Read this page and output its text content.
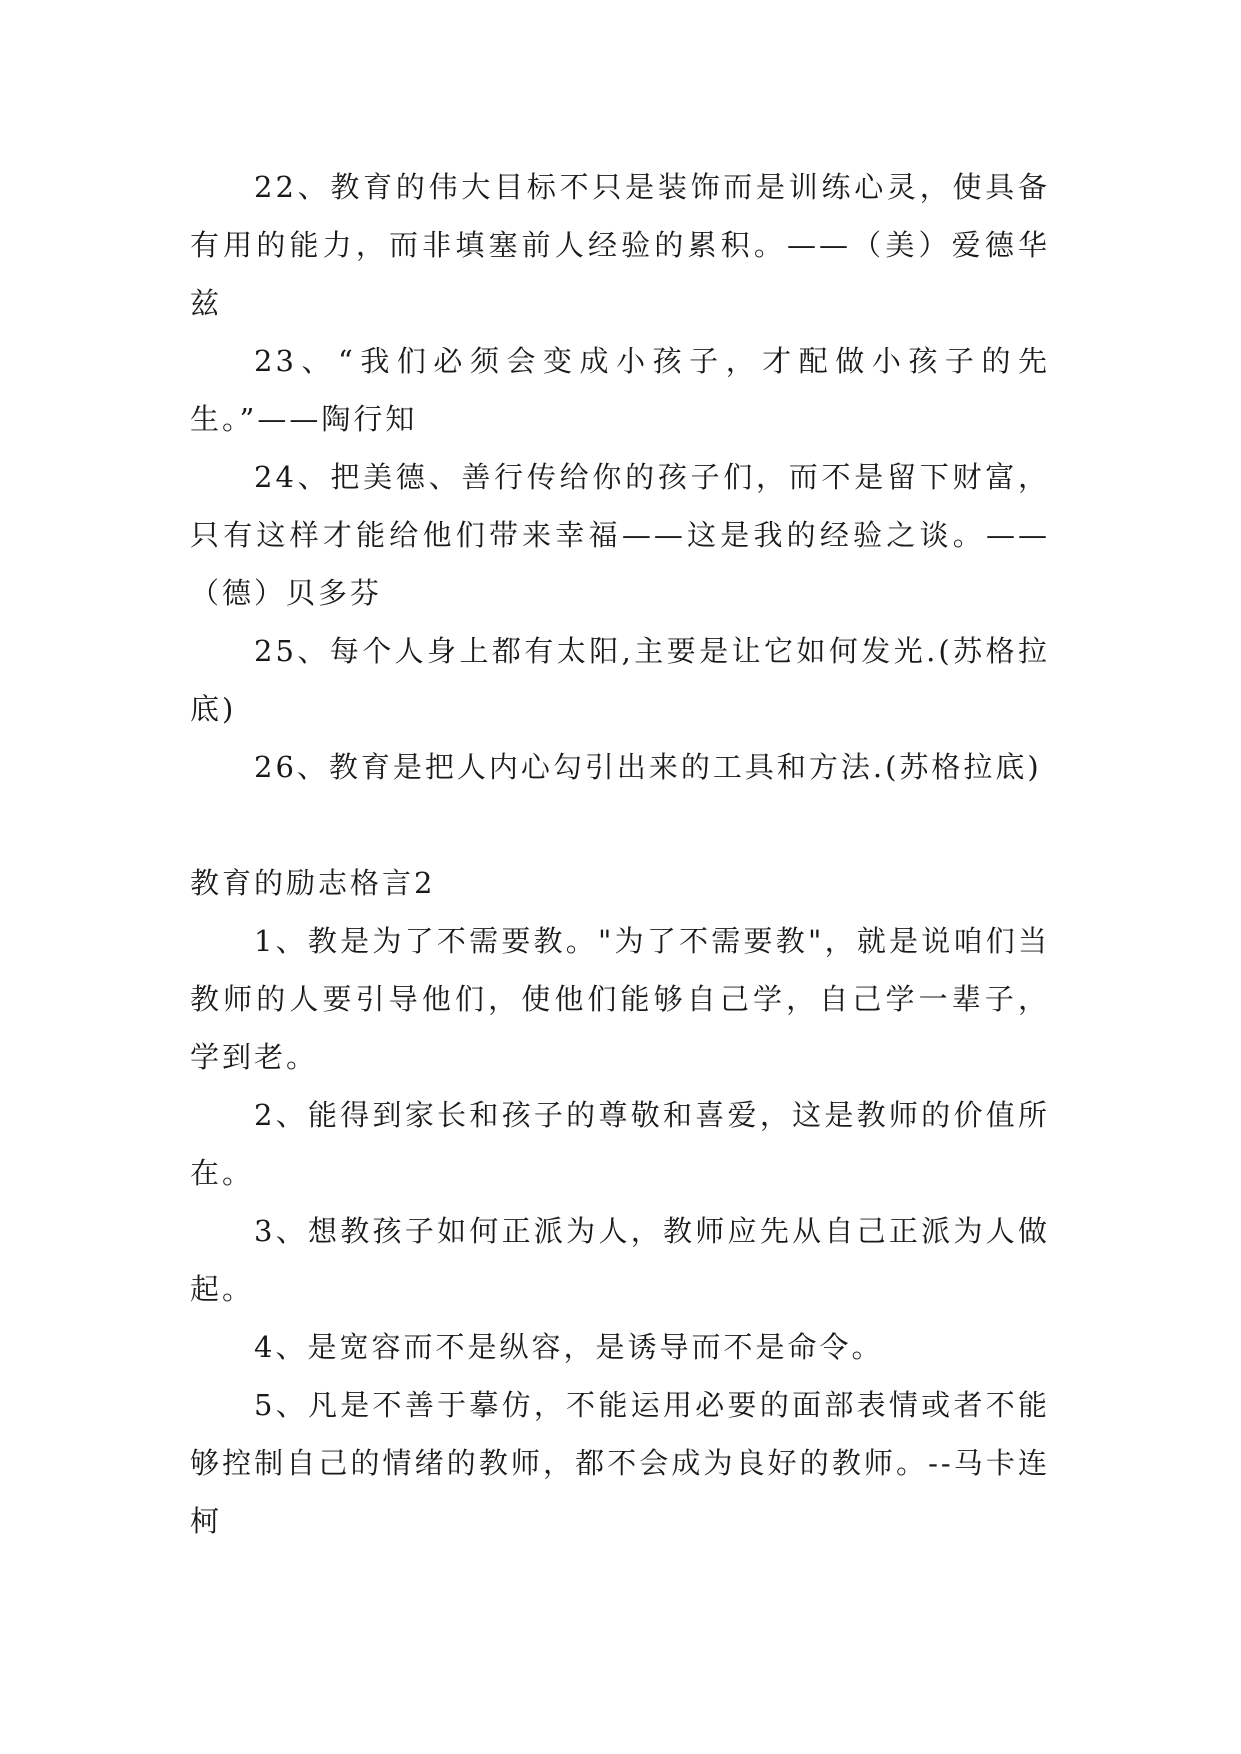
22、教育的伟大目标不只是装饰而是训练心灵，使具备有用的能力，而非填塞前人经验的累积。——（美）爱德华兹

23、“我们必须会变成小孩子，才配做小孩子的先生。”——陶行知

24、把美德、善行传给你的孩子们，而不是留下财富，只有这样才能给他们带来幸福——这是我的经验之谈。——（德）贝多芬

25、每个人身上都有太阳,主要是让它如何发光.(苏格拉底)

26、教育是把人内心勾引出来的工具和方法.(苏格拉底)

教育的励志格言2

1、教是为了不需要教。"为了不需要教"，就是说咱们当教师的人要引导他们，使他们能够自己学，自己学一辈子，学到老。

2、能得到家长和孩子的尊敬和喜爱，这是教师的价值所在。

3、想教孩子如何正派为人，教师应先从自己正派为人做起。

4、是宽容而不是纵容，是诱导而不是命令。

5、凡是不善于摹仿，不能运用必要的面部表情或者不能够控制自己的情绪的教师，都不会成为良好的教师。--马卡连柯
